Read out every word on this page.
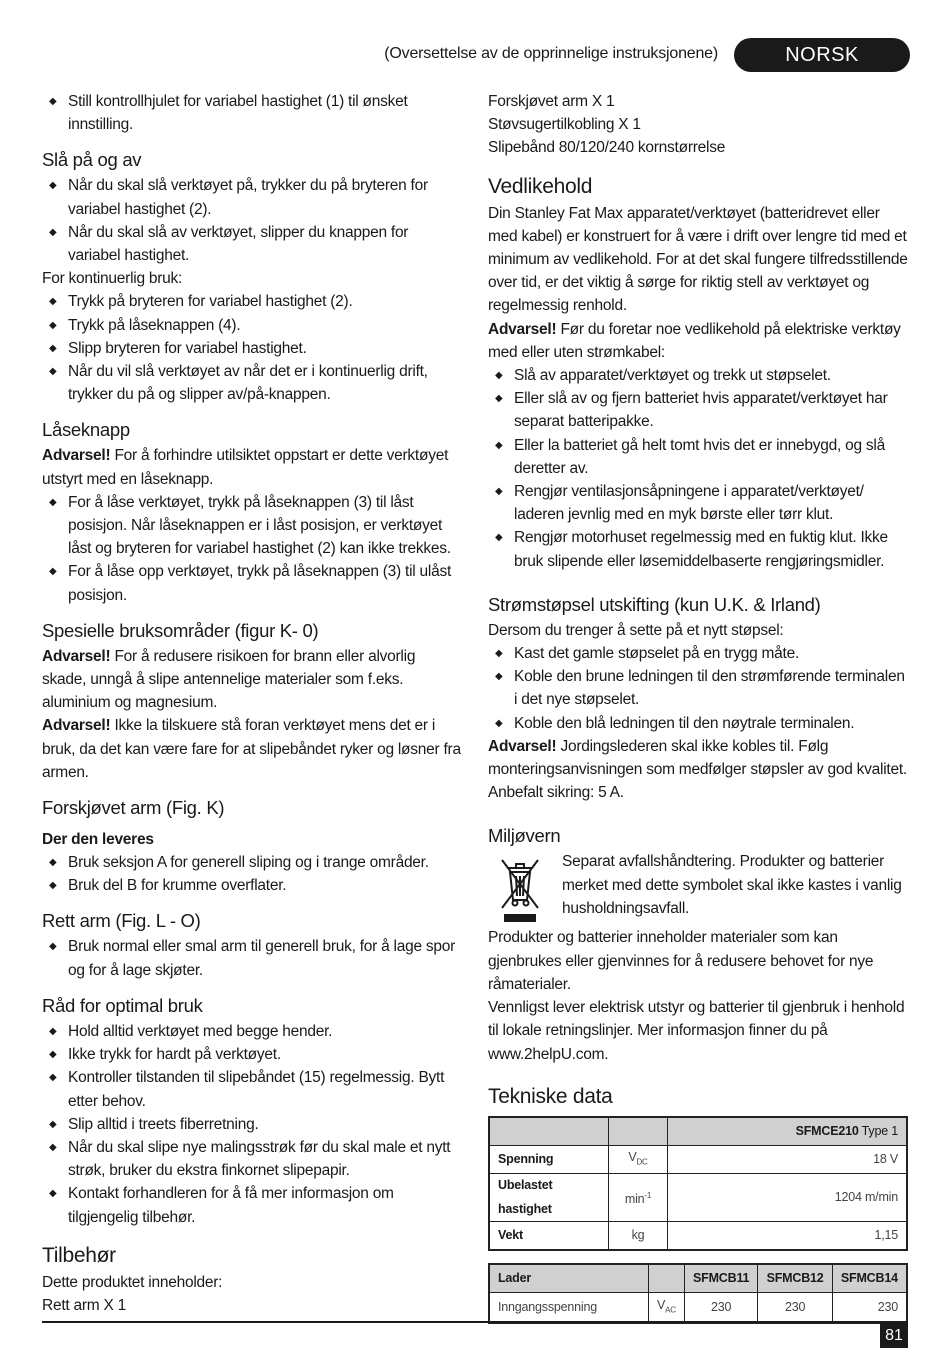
(Oversettelse av de opprinnelige instruksjonene)	NORSK
◆ Still kontrollhjulet for variabel hastighet (1) til ønsket innstilling.
Slå på og av
◆ Når du skal slå verktøyet på, trykker du på bryteren for variabel hastighet (2).
◆ Når du skal slå av verktøyet, slipper du knappen for variabel hastighet.

For kontinuerlig bruk:

◆ Trykk på bryteren for variabel hastighet (2).
◆ Trykk på låseknappen (4).
◆ Slipp bryteren for variabel hastighet.
◆ Når du vil slå verktøyet av når det er i kontinuerlig drift, trykker du på og slipper av/på-knappen.
Låseknapp

Advarsel! For å forhindre utilsiktet oppstart er dette verktøyet utstyrt med en låseknapp.

◆ For å låse verktøyet, trykk på låseknappen (3) til låst posisjon. Når låseknappen er i låst posisjon, er verktøyet låst og bryteren for variabel hastighet (2) kan ikke trekkes.
◆ For å låse opp verktøyet, trykk på låseknappen (3) til ulåst posisjon.
Spesielle bruksområder (figur K- 0)

Advarsel! For å redusere risikoen for brann eller alvorlig skade, unngå å slipe antennelige materialer som f.eks. aluminium og magnesium.

Advarsel! Ikke la tilskuere stå foran verktøyet mens det er i bruk, da det kan være fare for at slipebåndet ryker og løsner fra armen.

Forskjøvet arm (Fig. K)
Der den leveres
◆ Bruk seksjon A for generell sliping og i trange områder.
◆ Bruk del B for krumme overflater.
Rett arm (Fig. L - O)
◆ Bruk normal eller smal arm til generell bruk, for å lage spor og for å lage skjøter.
Råd for optimal bruk
◆ Hold alltid verktøyet med begge hender.
◆ Ikke trykk for hardt på verktøyet.
◆ Kontroller tilstanden til slipebåndet (15) regelmessig. Bytt etter behov.
◆ Slip alltid i treets fiberretning.
◆ Når du skal slipe nye malingsstrøk før du skal male et nytt strøk, bruker du ekstra finkornet slipepapir.
◆ Kontakt forhandleren for å få mer informasjon om tilgjengelig tilbehør.
Tilbehør

Dette produktet inneholder:

Rett arm X 1

Forskjøvet arm X 1

Støvsugertilkobling X 1

Slipebånd 80/120/240 kornstørrelse

Vedlikehold

Din Stanley Fat Max apparatet/verktøyet (batteridrevet eller med kabel) er konstruert for å være i drift over lengre tid med et minimum av vedlikehold. For at det skal fungere tilfredsstillende over tid, er det viktig å sørge for riktig stell av verktøyet og regelmessig renhold.

Advarsel! Før du foretar noe vedlikehold på elektriske verktøy med eller uten strømkabel:

◆ Slå av apparatet/verktøyet og trekk ut støpselet.
◆ Eller slå av og fjern batteriet hvis apparatet/verktøyet har separat batteripakke.
◆ Eller la batteriet gå helt tomt hvis det er innebygd, og slå deretter av.
◆ Rengjør ventilasjonsåpningene i apparatet/verktøyet/ laderen jevnlig med en myk børste eller tørr klut.
◆ Rengjør motorhuset regelmessig med en fuktig klut. Ikke bruk slipende eller løsemiddelbaserte rengjøringsmidler.
Strømstøpsel utskifting (kun U.K. & Irland)

Dersom du trenger å sette på et nytt støpsel:

◆ Kast det gamle støpselet på en trygg måte.
◆ Koble den brune ledningen til den strømførende terminalen i det nye støpselet.
◆ Koble den blå ledningen til den nøytrale terminalen.

Advarsel! Jordingslederen skal ikke kobles til. Følg monteringsanvisningen som medfølger støpsler av god kvalitet. Anbefalt sikring: 5 A.

Miljøvern

Separat avfallshåndtering. Produkter og batterier merket med dette symbolet skal ikke kastes i vanlig husholdningsavfall.

Produkter og batterier inneholder materialer som kan gjenbrukes eller gjenvinnes for å redusere behovet for nye råmaterialer.

Vennligst lever elektrisk utstyr og batterier til gjenbruk i henhold til lokale retningslinjer. Mer informasjon finner du på www.2helpU.com.

Tekniske data
		SFMCE210 Type 1
Spenning	$V_{DC}$	18 V
Ubelastet hastighet	$\min^{-1}$	1204 m/min
Vekt	kg	1,15
Lader		SFMCB11	SFMCB12	SFMCB14
Inngangsspenning	$V_{AC}$	230	230	230
81
